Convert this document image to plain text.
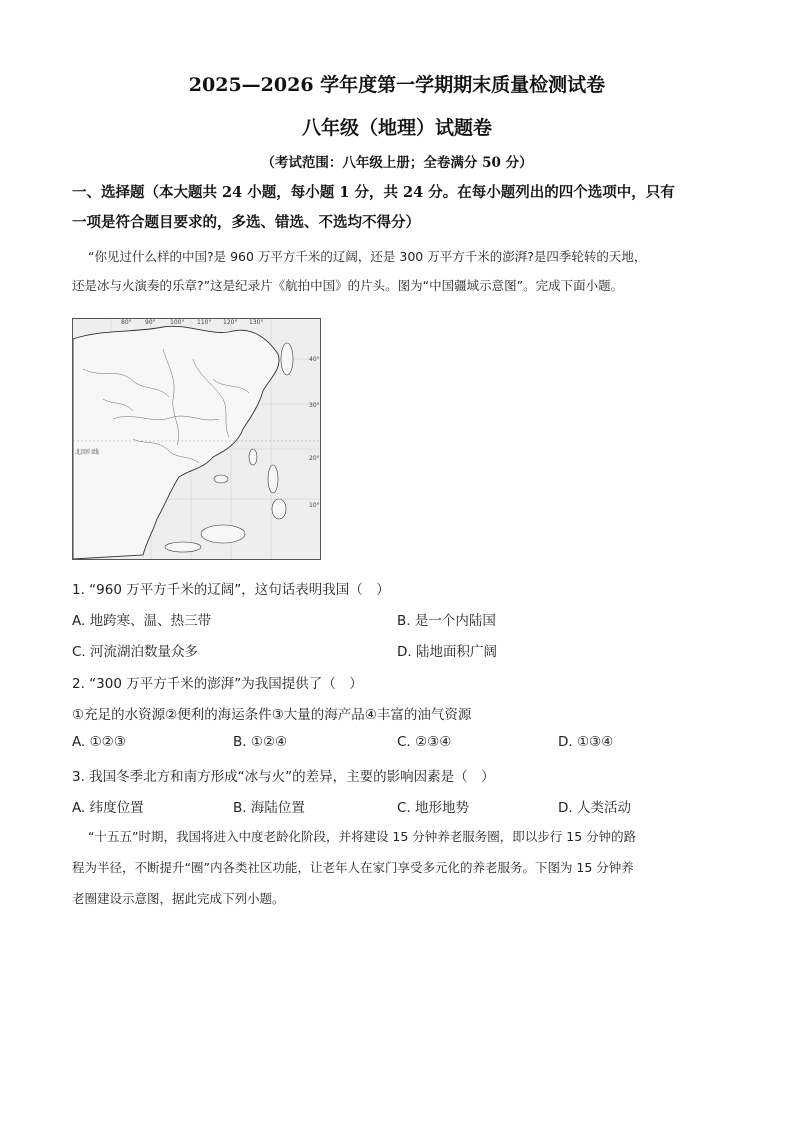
2025—2026 学年度第一学期期末质量检测试卷
八年级（地理）试题卷
（考试范围：八年级上册；全卷满分 50 分）
一、选择题（本大题共 24 小题，每小题 1 分，共 24 分。在每小题列出的四个选项中，只有
一项是符合题目要求的，多选、错选、不选均不得分）
“你见过什么样的中国?是 960 万平方千米的辽阔，还是 300 万平方千米的澎湃?是四季轮转的天地，
还是冰与火演奏的乐章?”这是纪录片《航拍中国》的片头。图为“中国疆域示意图”。完成下面小题。
80° 90° 100° 110° 120° 130°
40°
30°
20°
10°
北回归线
1. “960 万平方千米的辽阔”，这句话表明我国（　）
A. 地跨寒、温、热三带	B. 是一个内陆国
C. 河流湖泊数量众多	D. 陆地面积广阔
2. “300 万平方千米的澎湃”为我国提供了（　）
①充足的水资源②便利的海运条件③大量的海产品④丰富的油气资源
A. ①②③	B. ①②④	C. ②③④	D. ①③④
3. 我国冬季北方和南方形成“冰与火”的差异，主要的影响因素是（　）
A. 纬度位置	B. 海陆位置	C. 地形地势	D. 人类活动
“十五五”时期，我国将进入中度老龄化阶段，并将建设 15 分钟养老服务圈，即以步行 15 分钟的路
程为半径，不断提升“圈”内各类社区功能，让老年人在家门享受多元化的养老服务。下图为 15 分钟养
老圈建设示意图，据此完成下列小题。
